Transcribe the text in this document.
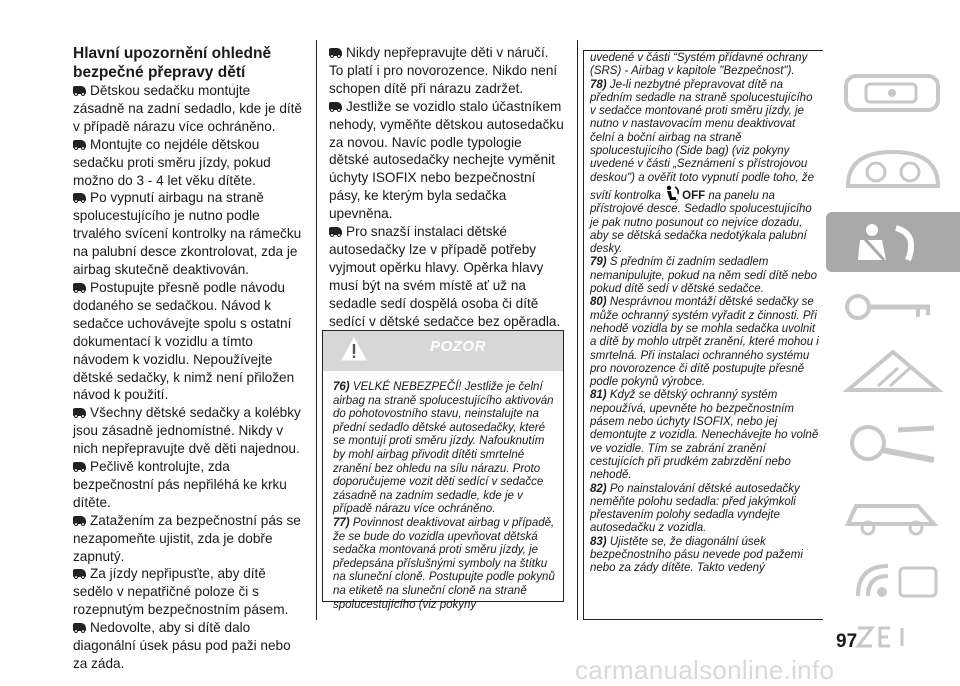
Hlavní upozornění ohledně bezpečné přepravy dětí

Dětskou sedačku montujte zásadně na zadní sedadlo, kde je dítě v případě nárazu více ochráněno.

Montujte co nejdéle dětskou sedačku proti směru jízdy, pokud možno do 3 - 4 let věku dítěte.

Po vypnutí airbagu na straně spolucestujícího je nutno podle trvalého svícení kontrolky na rámečku na palubní desce zkontrolovat, zda je airbag skutečně deaktivován.

Postupujte přesně podle návodu dodaného se sedačkou. Návod k sedačce uchovávejte spolu s ostatní dokumentací k vozidlu a tímto návodem k vozidlu. Nepoužívejte dětské sedačky, k nimž není přiložen návod k použití.

Všechny dětské sedačky a kolébky jsou zásadně jednomístné. Nikdy v nich nepřepravujte dvě děti najednou.

Pečlivě kontrolujte, zda bezpečnostní pás nepřiléhá ke krku dítěte.

Zatažením za bezpečnostní pás se nezapomeňte ujistit, zda je dobře zapnutý.

Za jízdy nepřipusťte, aby dítě sedělo v nepatřičné poloze či s rozepnutým bezpečnostním pásem.

Nedovolte, aby si dítě dalo diagonální úsek pásu pod paži nebo za záda.

Nikdy nepřepravujte děti v náručí. To platí i pro novorozence. Nikdo není schopen dítě při nárazu zadržet.

Jestliže se vozidlo stalo účastníkem nehody, vyměňte dětskou autosedačku za novou. Navíc podle typologie dětské autosedačky nechejte vyměnit úchyty ISOFIX nebo bezpečnostní pásy, ke kterým byla sedačka upevněna.

Pro snazší instalaci dětské autosedačky lze v případě potřeby vyjmout opěrku hlavy. Opěrka hlavy musí být na svém místě ať už na sedadle sedí dospělá osoba či dítě sedící v dětské sedačce bez opěradla.

POZOR

76) VELKÉ NEBEZPEČÍ! Jestliže je čelní airbag na straně spolucestujícího aktivován do pohotovostního stavu, neinstalujte na přední sedadlo dětské autosedačky, které se montují proti směru jízdy. Nafouknutím by mohl airbag přivodit dítěti smrtelné zranění bez ohledu na sílu nárazu. Proto doporučujeme vozit děti sedící v sedačce zásadně na zadním sedadle, kde je v případě nárazu více ochráněno.

77) Povinnost deaktivovat airbag v případě, že se bude do vozidla upevňovat dětská sedačka montovaná proti směru jízdy, je předepsána příslušnými symboly na štítku na sluneční cloně. Postupujte podle pokynů na etiketě na sluneční cloně na straně spolucestujícího (viz pokyny

uvedené v části “Systém přídavné ochrany (SRS) - Airbag v kapitole "Bezpečnost").

78) Je-li nezbytné přepravovat dítě na předním sedadle na straně spolucestujícího v sedačce montované proti směru jízdy, je nutno v nastavovacím menu deaktivovat čelní a boční airbag na straně spolucestujícího (Side bag) (viz pokyny uvedené v části „Seznámení s přístrojovou deskou") a ověřit toto vypnutí podle toho, že svítí kontrolka	2 OFF na panelu na přístrojové desce. Sedadlo spolucestujícího je pak nutno posunout co nejvíce dozadu, aby se dětská sedačka nedotýkala palubní desky.

79) S předním či zadním sedadlem nemanipulujte, pokud na něm sedí dítě nebo pokud dítě sedí v dětské sedačce.

80) Nesprávnou montáží dětské sedačky se může ochranný systém vyřadit z činnosti. Při nehodě vozidla by se mohla sedačka uvolnit a dítě by mohlo utrpět zranění, které mohou i smrtelná. Při instalaci ochranného systému pro novorozence či dítě postupujte přesně podle pokynů výrobce.

81) Když se dětský ochranný systém nepoužívá, upevněte ho bezpečnostním pásem nebo úchyty ISOFIX, nebo jej demontujte z vozidla. Nenechávejte ho volně ve vozidle. Tím se zabrání zranění cestujících při prudkém zabrzdění nebo nehodě.

82) Po nainstalování dětské autosedačky neměňte polohu sedadla: před jakýmkoli přestavením polohy sedadla vyndejte autosedačku z vozidla.

83) Ujistěte se, že diagonální úsek bezpečnostního pásu nevede pod pažemi nebo za zády dítěte. Takto vedený

97
carmanualsonline.info
